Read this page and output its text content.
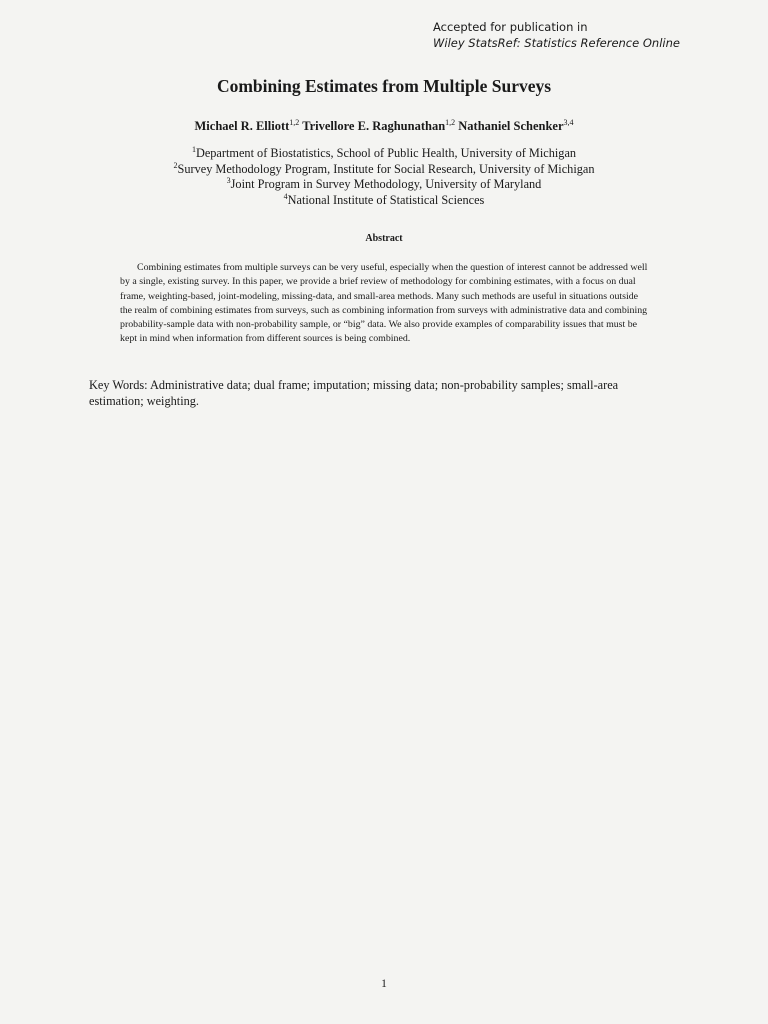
Accepted for publication in
Wiley StatsRef: Statistics Reference Online
Combining Estimates from Multiple Surveys
Michael R. Elliott$^{1,2}$ Trivellore E. Raghunathan$^{1,2}$ Nathaniel Schenker$^{3,4}$
$^1$Department of Biostatistics, School of Public Health, University of Michigan
$^2$Survey Methodology Program, Institute for Social Research, University of Michigan
$^3$Joint Program in Survey Methodology, University of Maryland
$^4$National Institute of Statistical Sciences
Abstract

Combining estimates from multiple surveys can be very useful, especially when the question of interest cannot be addressed well by a single, existing survey. In this paper, we provide a brief review of methodology for combining estimates, with a focus on dual frame, weighting-based, joint-modeling, missing-data, and small-area methods. Many such methods are useful in situations outside the realm of combining estimates from surveys, such as combining information from surveys with administrative data and combining probability-sample data with non-probability sample, or “big” data. We also provide examples of comparability issues that must be kept in mind when information from different sources is being combined.

Key Words: Administrative data; dual frame; imputation; missing data; non-probability samples; small-area estimation; weighting.

1
